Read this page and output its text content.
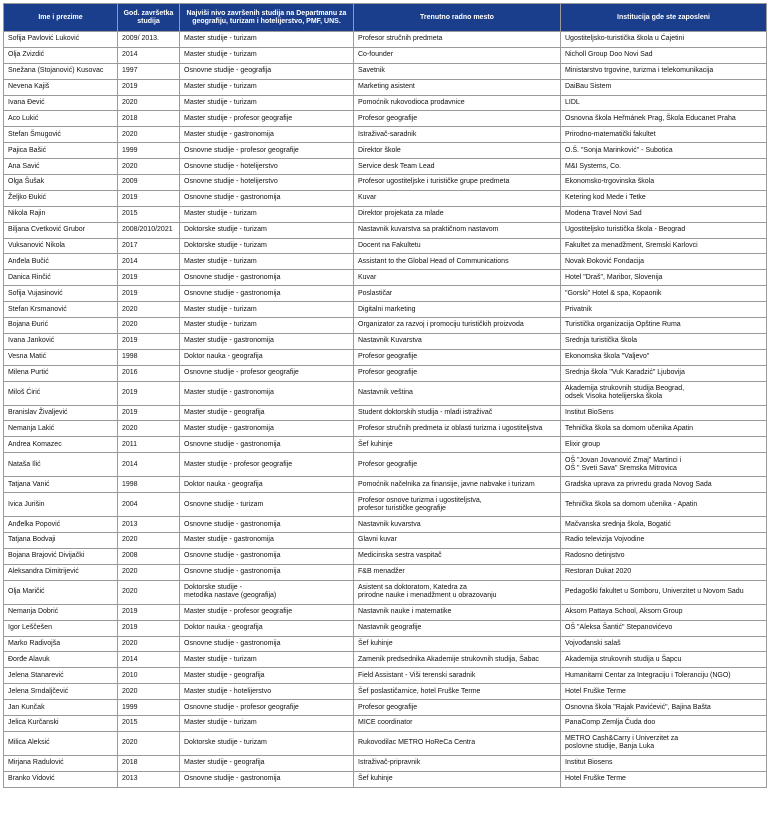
Ime i prezime	God. završetka studija	Najviši nivo završenih studija na Departmanu za geografiju, turizam i hotelijerstvo, PMF, UNS.	Trenutno radno mesto	Institucija gde ste zaposleni
Sofija Pavlović Luković	2009/ 2013.	Master studije - turizam	Profesor stručnih predmeta	Ugostiteljsko-turistička škola u Ćajetini
Olja Zvizdić	2014	Master studije - turizam	Co-founder	Nicholl Group Doo Novi Sad
Snežana (Stojanović) Kusovac	1997	Osnovne studije - geografija	Savetnik	Ministarstvo trgovine, turizma i telekomunikacija
Nevena Kajiš	2019	Master studije - turizam	Marketing asistent	DaiBau Sistem
Ivana Đević	2020	Master studije - turizam	Pomoćnik rukovodioca prodavnice	LIDL
Aco Lukić	2018	Master studije - profesor geografije	Profesor geografije	Osnovna škola Heřmánek Prag, Škola Educanet Praha
Stefan Šmugović	2020	Master studije - gastronomija	Istraživač-saradnik	Prirodno-matematički fakultet
Pajica Bašić	1999	Osnovne studije - profesor geografije	Direktor škole	O.Š. "Sonja Marinković" - Subotica
Ana Savić	2020	Osnovne studije - hotelijerstvo	Service desk Team Lead	M&I Systems, Co.
Olga Šušak	2009	Osnovne studije - hotelijerstvo	Profesor ugostiteljske i turističke grupe predmeta	Ekonomsko-trgovinska škola
Željko Đukić	2019	Osnovne studije - gastronomija	Kuvar	Ketering kod Mede i Tetke
Nikola Rajin	2015	Master studije - turizam	Direktor projekata za mlade	Modena Travel Novi Sad
Biljana Cvetković Grubor	2008/2010/2021	Doktorske studije - turizam	Nastavnik kuvarstva sa praktičnom nastavom	Ugostiteljsko turistička škola - Beograd
Vuksanović Nikola	2017	Doktorske studije - turizam	Docent na Fakultetu	Fakultet za menadžment, Sremski Karlovci
Anđela Bučić	2014	Master studije - turizam	Assistant to the Global Head of Communications	Novak Đoković Fondacija
Danica Rinčić	2019	Osnovne studije - gastronomija	Kuvar	Hotel "Draš", Maribor, Slovenija
Sofija Vujasinović	2019	Osnovne studije - gastronomija	Poslastičar	"Gorski" Hotel & spa, Kopaonik
Stefan Krsmanović	2020	Master studije - turizam	Digitalni marketing	Privatnik
Bojana Đurić	2020	Master studije - turizam	Organizator za razvoj i promociju turističkih proizvoda	Turistička organizacija Opštine Ruma
Ivana Janković	2019	Master studije - gastronomija	Nastavnik Kuvarstva	Srednja turistička škola
Vesna Matić	1998	Doktor nauka - geografija	Profesor geografije	Ekonomska škola "Valjevo"
Milena Purtić	2016	Osnovne studije - profesor geografije	Profesor geografije	Srednja škola "Vuk Karadzić" Ljubovija
Miloš Ćirić	2019	Master studije - gastronomija	Nastavnik veština	Akademija strukovnih studija Beograd,
odsek Visoka hotelijerska škola
Branislav Živaljević	2019	Master studije - geografija	Student doktorskih studija - mladi istraživač	Institut BioSens
Nemanja Lakić	2020	Master studije - gastronomija	Profesor stručnih predmeta iz oblasti turizma i ugostiteljstva	Tehnička škola sa domom učenika Apatin
Andrea Komazec	2011	Osnovne studije - gastronomija	Šef kuhinje	Elixir group
Nataša Ilić	2014	Master studije - profesor geografije	Profesor geografije	OŠ "Jovan Jovanović Zmaj" Martinci i
OŠ " Sveti Sava" Sremska Mitrovica
Tatjana Vanić	1998	Doktor nauka - geografija	Pomoćnik načelnika za finansije, javne nabvake i turizam	Gradska uprava za privredu grada Novog Sada
Ivica Jurišin	2004	Osnovne studije - turizam	Profesor osnove turizma i ugostiteljstva,
profesor turističke geografije	Tehnička škola sa domom učenika - Apatin
Anđelka Popović	2013	Osnovne studije - gastronomija	Nastavnik kuvarstva	Mačvanska srednja škola, Bogatić
Tatjana Bodvaji	2020	Master studije - gastronomija	Glavni kuvar	Radio televizija Vojvodine
Bojana Brajović Divijački	2008	Osnovne studije - gastronomija	Medicinska sestra vaspitač	Radosno detinjstvo
Aleksandra Dimitrijević	2020	Osnovne studije - gastronomija	F&B menadžer	Restoran Dukat 2020
Olja Maričić	2020	Doktorske studije -
metodika nastave (geografija)	Asistent sa doktoratom, Katedra za
prirodne nauke i menadžment u obrazovanju	Pedagoški fakultet u Somboru, Univerzitet u Novom Sadu
Nemanja Dobrić	2019	Master studije - profesor geografije	Nastavnik nauke i matematike	Aksorn Pattaya School, Aksorn Group
Igor Leščešen	2019	Doktor nauka - geografija	Nastavnik geografije	OŠ "Aleksa Šantić" Stepanovićevo
Marko Radivojša	2020	Osnovne studije - gastronomija	Šef kuhinje	Vojvođanski salaš
Đorđe Alavuk	2014	Master studije - turizam	Zamenik predsednika Akademije strukovnih studija, Šabac	Akademija strukovnih studija u Šapcu
Jelena Stanarević	2010	Master studije - geografija	Field Assistant - Viši terenski saradnik	Humanitarni Centar za Integraciju i Toleranciju (NGO)
Jelena Srndaljčević	2020	Master studije - hotelijerstvo	Šef poslastičarnice, hotel Fruške Terme	Hotel Fruške Terme
Jan Kunčak	1999	Osnovne studije - profesor geografije	Profesor geografije	Osnovna škola "Rajak Pavićević", Bajina Bašta
Jelica Kurčanski	2015	Master studije - turizam	MICE coordinator	PanaComp Zemlja Čuda doo
Milica Aleksić	2020	Doktorske studije - turizam	Rukovodilac METRO HoReCa Centra	METRO Cash&Carry i Univerzitet za
poslovne studije, Banja Luka
Mirjana Radulović	2018	Master studije - geografija	Istraživač-pripravnik	Institut Biosens
Branko Vidović	2013	Osnovne studije - gastronomija	Šef kuhinje	Hotel Fruške Terme
